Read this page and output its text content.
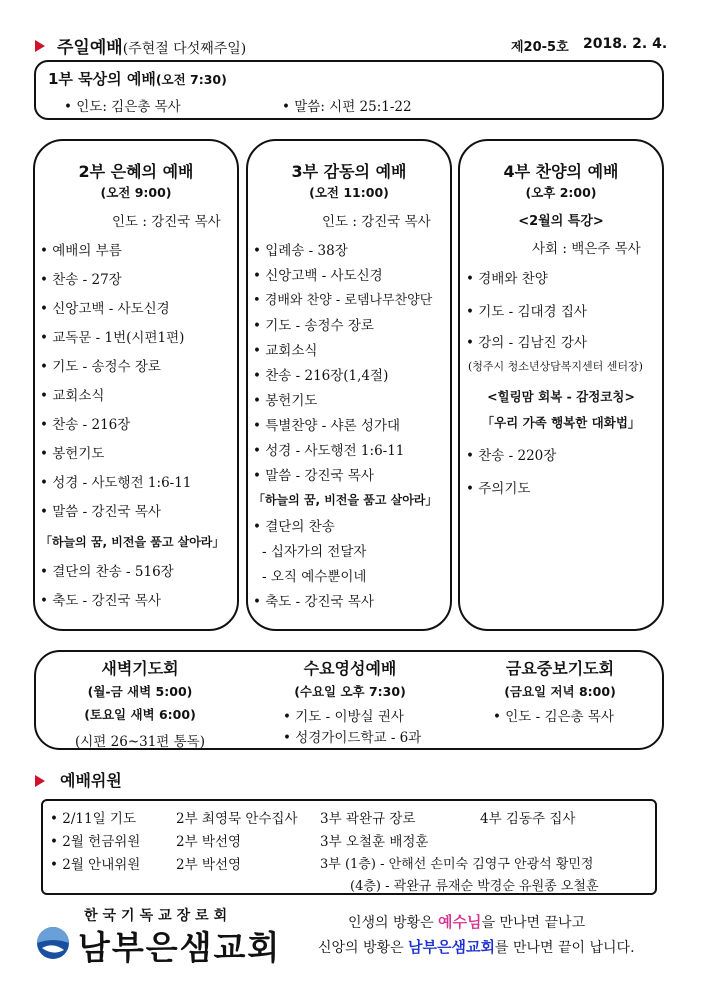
주일예배(주현절 다섯째주일)	제20-5호 2018. 2. 4.
1부 묵상의 예배(오전 7:30)
• 인도: 김은총 목사	• 말씀: 시편 25:1-22
2부 은혜의 예배
(오전 9:00)
인도 : 강진국 목사
• 예배의 부름
• 찬송 - 27장
• 신앙고백 - 사도신경
• 교독문 - 1번(시편1편)
• 기도 - 송정수 장로
• 교회소식
• 찬송 - 216장
• 봉헌기도
• 성경 - 사도행전 1:6-11
• 말씀 - 강진국 목사
「하늘의 꿈, 비전을 품고 살아라」
• 결단의 찬송 - 516장
• 축도 - 강진국 목사
3부 감동의 예배
(오전 11:00)
인도 : 강진국 목사
• 입례송 - 38장
• 신앙고백 - 사도신경
• 경배와 찬양 - 로뎀나무찬양단
• 기도 - 송정수 장로
• 교회소식
• 찬송 - 216장(1,4절)
• 봉헌기도
• 특별찬양 - 샤론 성가대
• 성경 - 사도행전 1:6-11
• 말씀 - 강진국 목사
「하늘의 꿈, 비전을 품고 살아라」
• 결단의 찬송
- 십자가의 전달자
- 오직 예수뿐이네
• 축도 - 강진국 목사
4부 찬양의 예배
(오후 2:00)
<2월의 특강>
사회 : 백은주 목사
• 경배와 찬양
• 기도 - 김대경 집사
• 강의 - 김남진 강사
(청주시 청소년상담복지센터 센터장)
<힐링맘 회복 - 감정코칭>
「우리 가족 행복한 대화법」
• 찬송 - 220장
• 주의기도
새벽기도회
(월-금 새벽 5:00)
(토요일 새벽 6:00)
(시편 26~31편 통독)
수요영성예배
(수요일 오후 7:30)
• 기도 - 이방실 권사
• 성경가이드학교 - 6과
금요중보기도회
(금요일 저녁 8:00)
• 인도 - 김은총 목사
예배위원
• 2/11일 기도	2부 최영묵 안수집사 3부 곽완규 장로	4부 김동주 집사
• 2월 헌금위원	2부 박선영	3부 오철훈 배정훈
• 2월 안내위원	2부 박선영	3부 (1층) - 안해선 손미숙 김영구 안광석 황민정
(4층) - 곽완규 류재순 박경순 유원종 오철훈
한국기독교장로회
남부은샘교회
인생의 방황은 예수님을 만나면 끝나고
신앙의 방황은 남부은샘교회를 만나면 끝이 납니다.
